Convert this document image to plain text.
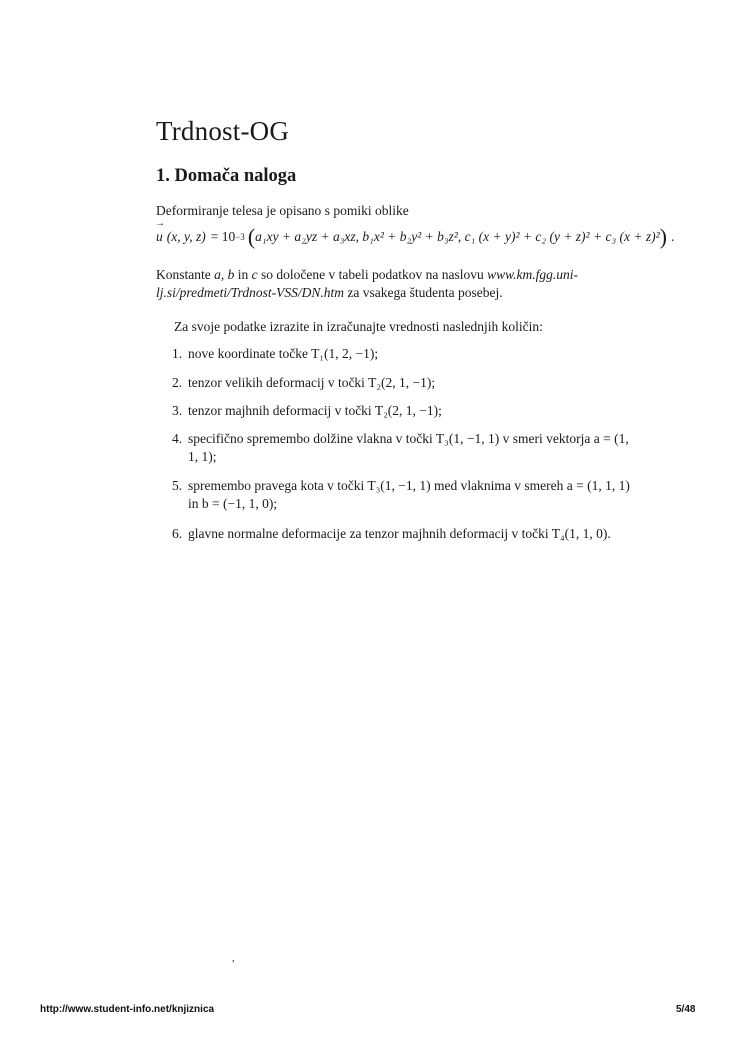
Trdnost-OG
1. Domača naloga
Deformiranje telesa je opisano s pomiki oblike
→ u (x, y, z) = 10 −3 ( a₁xy + a₂yz + a₃xz, b₁x² + b₂y² + b₃z², c₁ (x + y)² + c₂ (y + z)² + c₃ (x + z)² ) .
Konstante a, b in c so določene v tabeli podatkov na naslovu www.km.fgg.uni-lj.si/predmeti/Trdnost-VSS/DN.htm za vsakega študenta posebej.
Za svoje podatke izrazite in izračunajte vrednosti naslednjih količin:
1. nove koordinate točke T₁(1, 2, −1);
2. tenzor velikih deformacij v točki T₂(2, 1, −1);
3. tenzor majhnih deformacij v točki T₂(2, 1, −1);
4. specifično spremembo dolžine vlakna v točki T₃(1, −1, 1) v smeri vektorja a = (1, 1, 1);
5. spremembo pravega kota v točki T₃(1, −1, 1) med vlaknima v smereh a = (1, 1, 1) in b = (−1, 1, 0);
6. glavne normalne deformacije za tenzor majhnih deformacij v točki T₄(1, 1, 0).
,
http://www.student-info.net/knjiznica	5/48
